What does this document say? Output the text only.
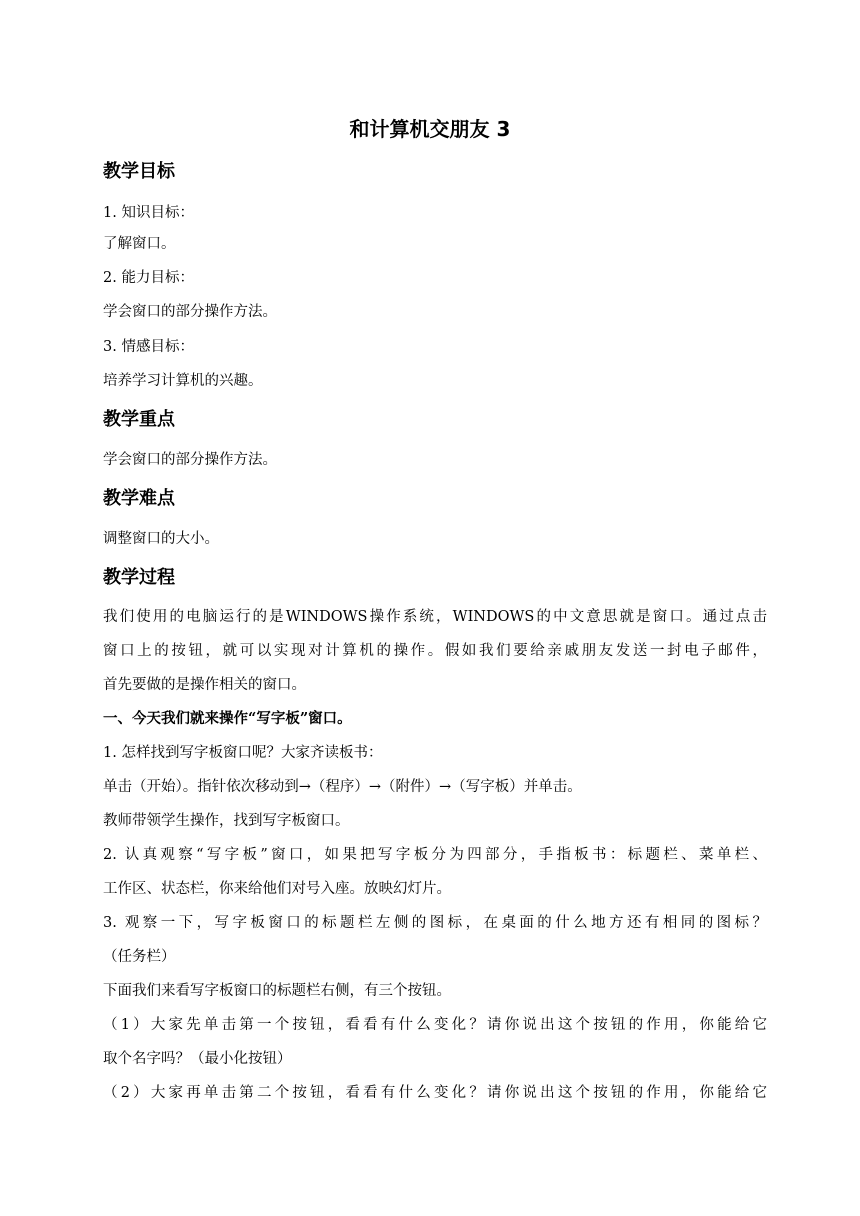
和计算机交朋友 3
教学目标
1. 知识目标：
了解窗口。
2. 能力目标：
学会窗口的部分操作方法。
3. 情感目标：
培养学习计算机的兴趣。
教学重点
学会窗口的部分操作方法。
教学难点
调整窗口的大小。
教学过程
我们使用的电脑运行的是WINDOWS操作系统，WINDOWS的中文意思就是窗口。通过点击
窗口上的按钮，就可以实现对计算机的操作。假如我们要给亲戚朋友发送一封电子邮件，
首先要做的是操作相关的窗口。
一、今天我们就来操作“写字板”窗口。
1. 怎样找到写字板窗口呢？大家齐读板书：
单击（开始）。指针依次移动到→（程序）→（附件）→（写字板）并单击。
教师带领学生操作，找到写字板窗口。
2. 认真观察“写字板”窗口，如果把写字板分为四部分，手指板书：标题栏、菜单栏、
工作区、状态栏，你来给他们对号入座。放映幻灯片。
3. 观察一下，写字板窗口的标题栏左侧的图标，在桌面的什么地方还有相同的图标？
（任务栏）
下面我们来看写字板窗口的标题栏右侧，有三个按钮。
（1）大家先单击第一个按钮，看看有什么变化？请你说出这个按钮的作用，你能给它
取个名字吗？（最小化按钮）
（2）大家再单击第二个按钮，看看有什么变化？请你说出这个按钮的作用，你能给它
